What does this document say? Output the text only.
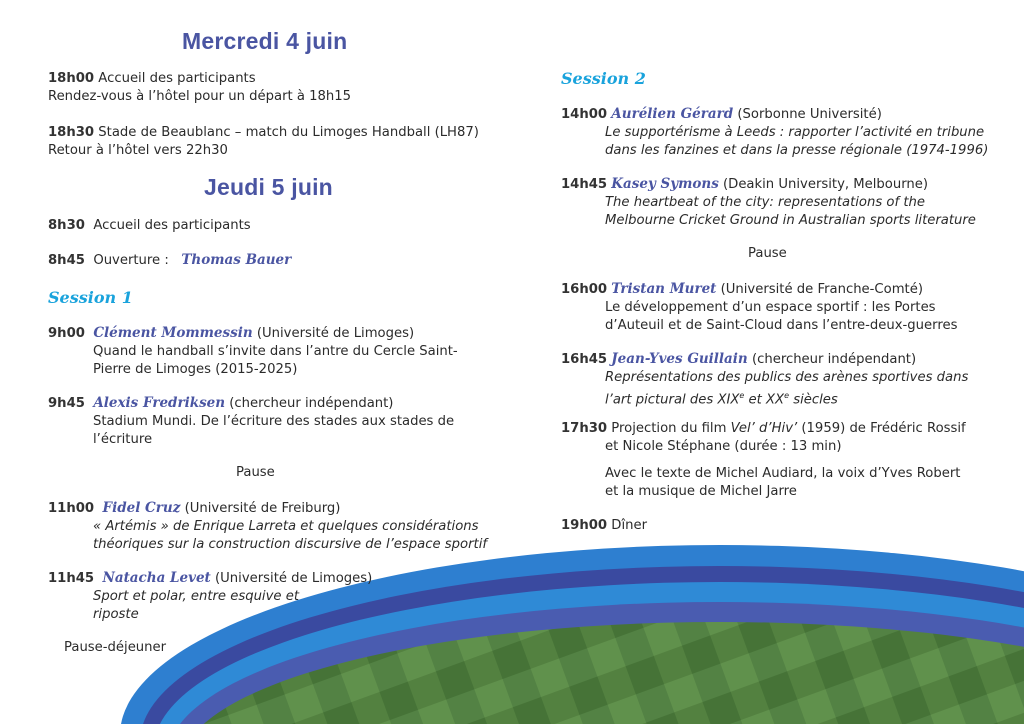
Mercredi 4 juin
18h00 Accueil des participants
Rendez-vous à l’hôtel pour un départ à 18h15
18h30 Stade de Beaublanc – match du Limoges Handball (LH87)
Retour à l’hôtel vers 22h30
Jeudi 5 juin
8h30 Accueil des participants
8h45 Ouverture :   Thomas Bauer
Session 1
9h00 Clément Mommessin (Université de Limoges)
Quand le handball s’invite dans l’antre du Cercle Saint-
Pierre de Limoges (2015-2025)
9h45 Alexis Fredriksen (chercheur indépendant)
Stadium Mundi. De l’écriture des stades aux stades de
l’écriture
Pause
11h00 Fidel Cruz (Université de Freiburg)
« Artémis » de Enrique Larreta et quelques considérations
théoriques sur la construction discursive de l’espace sportif
11h45 Natacha Levet (Université de Limoges)
Sport et polar, entre esquive et
riposte
Pause-déjeuner
Session 2
14h00 Aurélien Gérard (Sorbonne Université)
Le supportérisme à Leeds : rapporter l’activité en tribune
dans les fanzines et dans la presse régionale (1974-1996)
14h45 Kasey Symons (Deakin University, Melbourne)
The heartbeat of the city: representations of the
Melbourne Cricket Ground in Australian sports literature
Pause
16h00 Tristan Muret (Université de Franche-Comté)
Le développement d’un espace sportif : les Portes
d’Auteuil et de Saint-Cloud dans l’entre-deux-guerres
16h45 Jean-Yves Guillain (chercheur indépendant)
Représentations des publics des arènes sportives dans
l’art pictural des XIXe et XXe siècles
17h30 Projection du film Vel’ d’Hiv’ (1959) de Frédéric Rossif
et Nicole Stéphane (durée : 13 min)
Avec le texte de Michel Audiard, la voix d’Yves Robert
et la musique de Michel Jarre
19h00 Dîner
